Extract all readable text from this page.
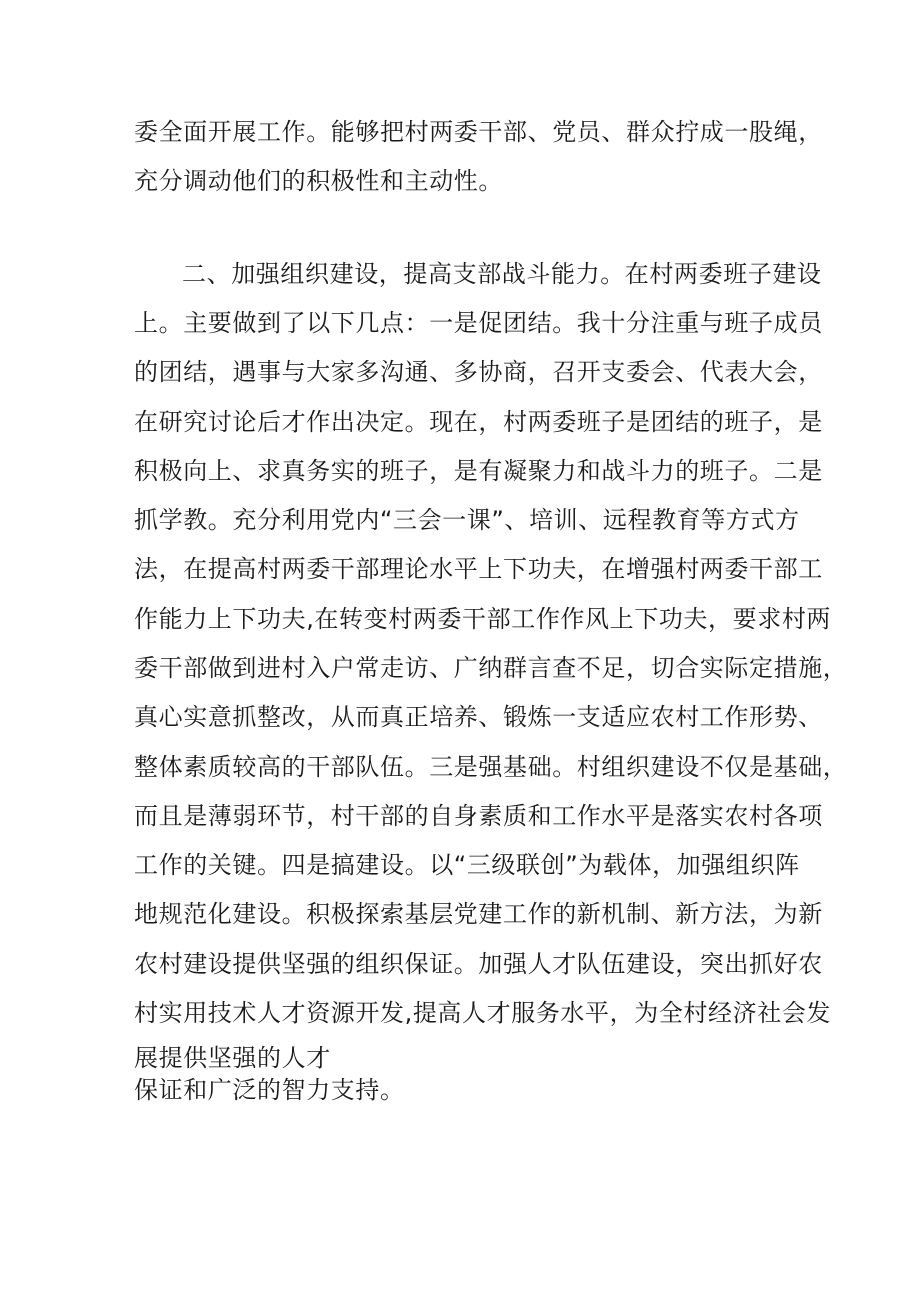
委全面开展工作。能够把村两委干部、党员、群众拧成一股绳，
充分调动他们的积极性和主动性。
二、加强组织建设，提高支部战斗能力。在村两委班子建设
上。主要做到了以下几点：一是促团结。我十分注重与班子成员
的团结，遇事与大家多沟通、多协商，召开支委会、代表大会，
在研究讨论后才作出决定。现在，村两委班子是团结的班子，是
积极向上、求真务实的班子，是有凝聚力和战斗力的班子。二是
抓学教。充分利用党内“三会一课”、培训、远程教育等方式方
法，在提高村两委干部理论水平上下功夫，在增强村两委干部工
作能力上下功夫,在转变村两委干部工作作风上下功夫，要求村两
委干部做到进村入户常走访、广纳群言查不足，切合实际定措施，
真心实意抓整改，从而真正培养、锻炼一支适应农村工作形势、
整体素质较高的干部队伍。三是强基础。村组织建设不仅是基础，
而且是薄弱环节，村干部的自身素质和工作水平是落实农村各项
工作的关键。四是搞建设。以“三级联创”为载体，加强组织阵
地规范化建设。积极探索基层党建工作的新机制、新方法，为新
农村建设提供坚强的组织保证。加强人才队伍建设，突出抓好农
村实用技术人才资源开发,提高人才服务水平，为全村经济社会发
展提供坚强的人才
保证和广泛的智力支持。
